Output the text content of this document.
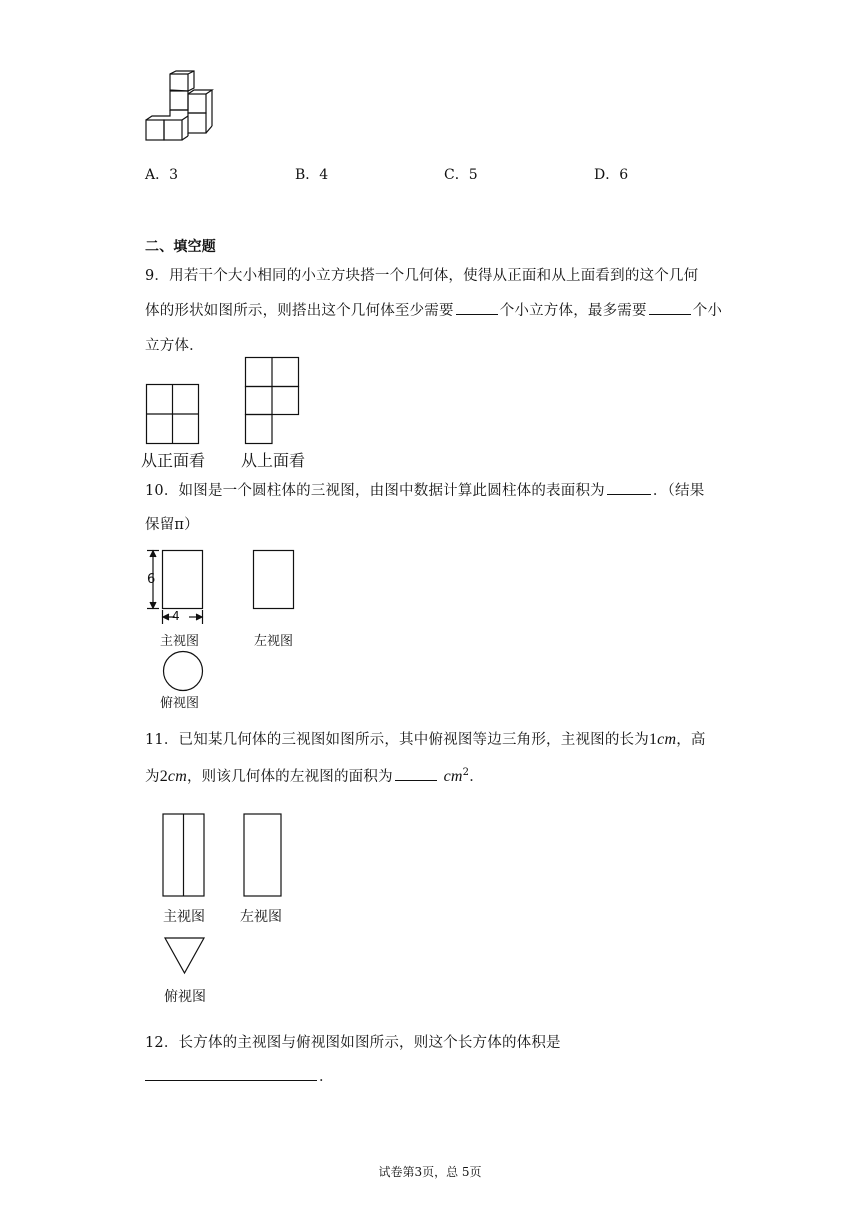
A．3	B．4	C．5	D．6
二、填空题
9．用若干个大小相同的小立方块搭一个几何体，使得从正面和从上面看到的这个几何
体的形状如图所示，则搭出这个几何体至少需要	个小立方体，最多需要	个小
立方体．
从正面看 从上面看
10．如图是一个圆柱体的三视图，由图中数据计算此圆柱体的表面积为	．（结果
保留π）
6
4
主视图	左视图
俯视图
11．已知某几何体的三视图如图所示，其中俯视图等边三角形，主视图的长为1cm，高
为2cm，则该几何体的左视图的面积为	$cm^2$．
主视图	左视图
俯视图
12．长方体的主视图与俯视图如图所示，则这个长方体的体积是
．
试卷第3页，总 5页
